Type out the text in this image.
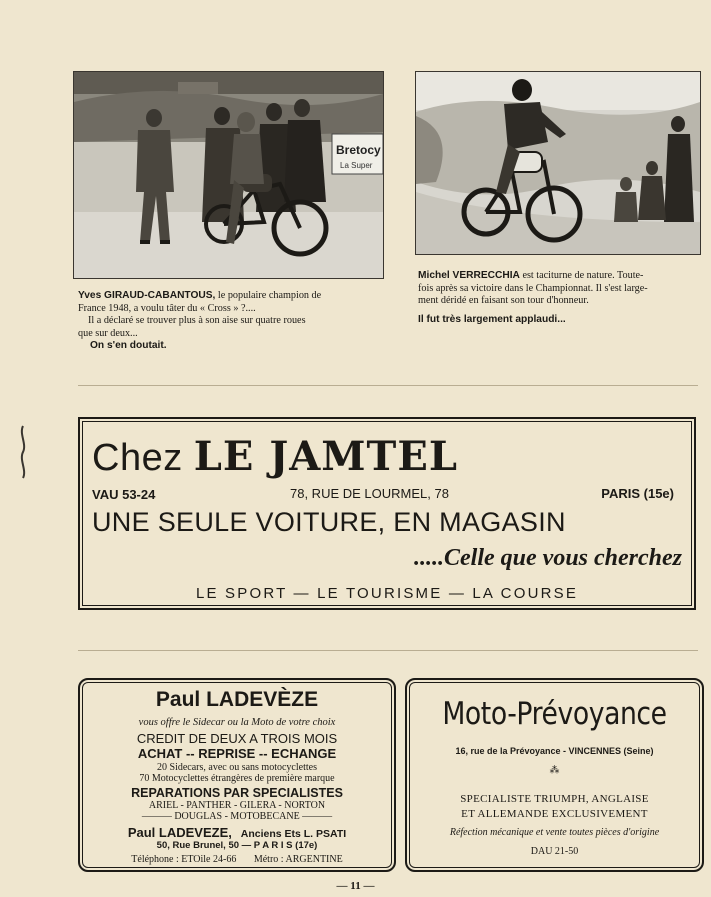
Bretocy
La Super
Yves GIRAUD-CABANTOUS, le populaire champion de
France 1948, a voulu tâter du « Cross » ?....
Il a déclaré se trouver plus à son aise sur quatre roues
que sur deux...
On s'en doutait.
Michel VERRECCHIA est taciturne de nature. Toute-
fois après sa victoire dans le Championnat. Il s'est large-
ment déridé en faisant son tour d'honneur.
Il fut très largement applaudi...
Chez LE JAMTEL
VAU 53-24	78, RUE DE LOURMEL, 78	PARIS (15e)
UNE SEULE VOITURE, EN MAGASIN
.....Celle que vous cherchez
LE SPORT — LE TOURISME — LA COURSE
Paul LADEVÈZE
vous offre le Sidecar ou la Moto de votre choix
CREDIT DE DEUX A TROIS MOIS
ACHAT -- REPRISE -- ECHANGE
20 Sidecars, avec ou sans motocyclettes
70 Motocyclettes étrangères de première marque
REPARATIONS PAR SPECIALISTES
ARIEL - PANTHER - GILERA - NORTON
——— DOUGLAS - MOTOBECANE ———
Paul LADEVEZE, Anciens Ets L. PSATI
50, Rue Brunel, 50 — P A R I S (17e)
Téléphone : ETOile 24-66 Métro : ARGENTINE
Moto-Prévoyance
16, rue de la Prévoyance - VINCENNES (Seine)
⁂
SPECIALISTE TRIUMPH, ANGLAISE
ET ALLEMANDE EXCLUSIVEMENT
Réfection mécanique et vente toutes pièces d'origine
DAU 21-50
— 11 —
